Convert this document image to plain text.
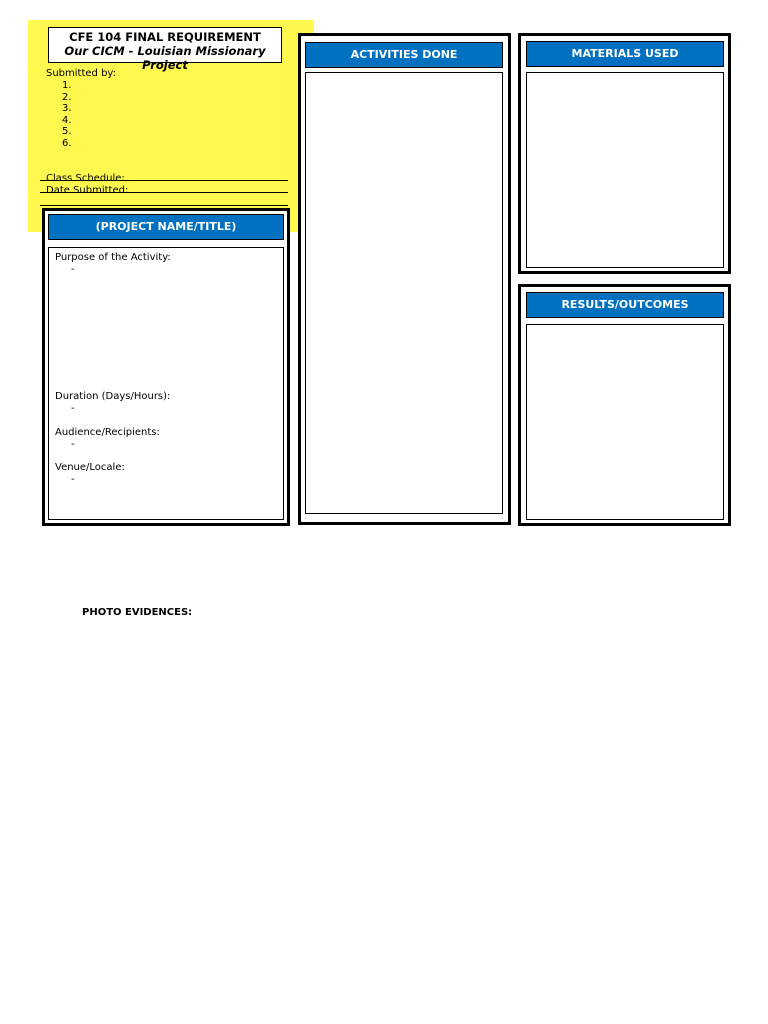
CFE 104 FINAL REQUIREMENT
Our CICM - Louisian Missionary Project
Submitted by:
1.
2.
3.
4.
5.
6.
Class Schedule:
Date Submitted:
(PROJECT NAME/TITLE)
Purpose of the Activity:
-
Duration (Days/Hours):
-
Audience/Recipients:
-
Venue/Locale:
-
ACTIVITIES DONE	MATERIALS USED
RESULTS/OUTCOMES
PHOTO EVIDENCES:
